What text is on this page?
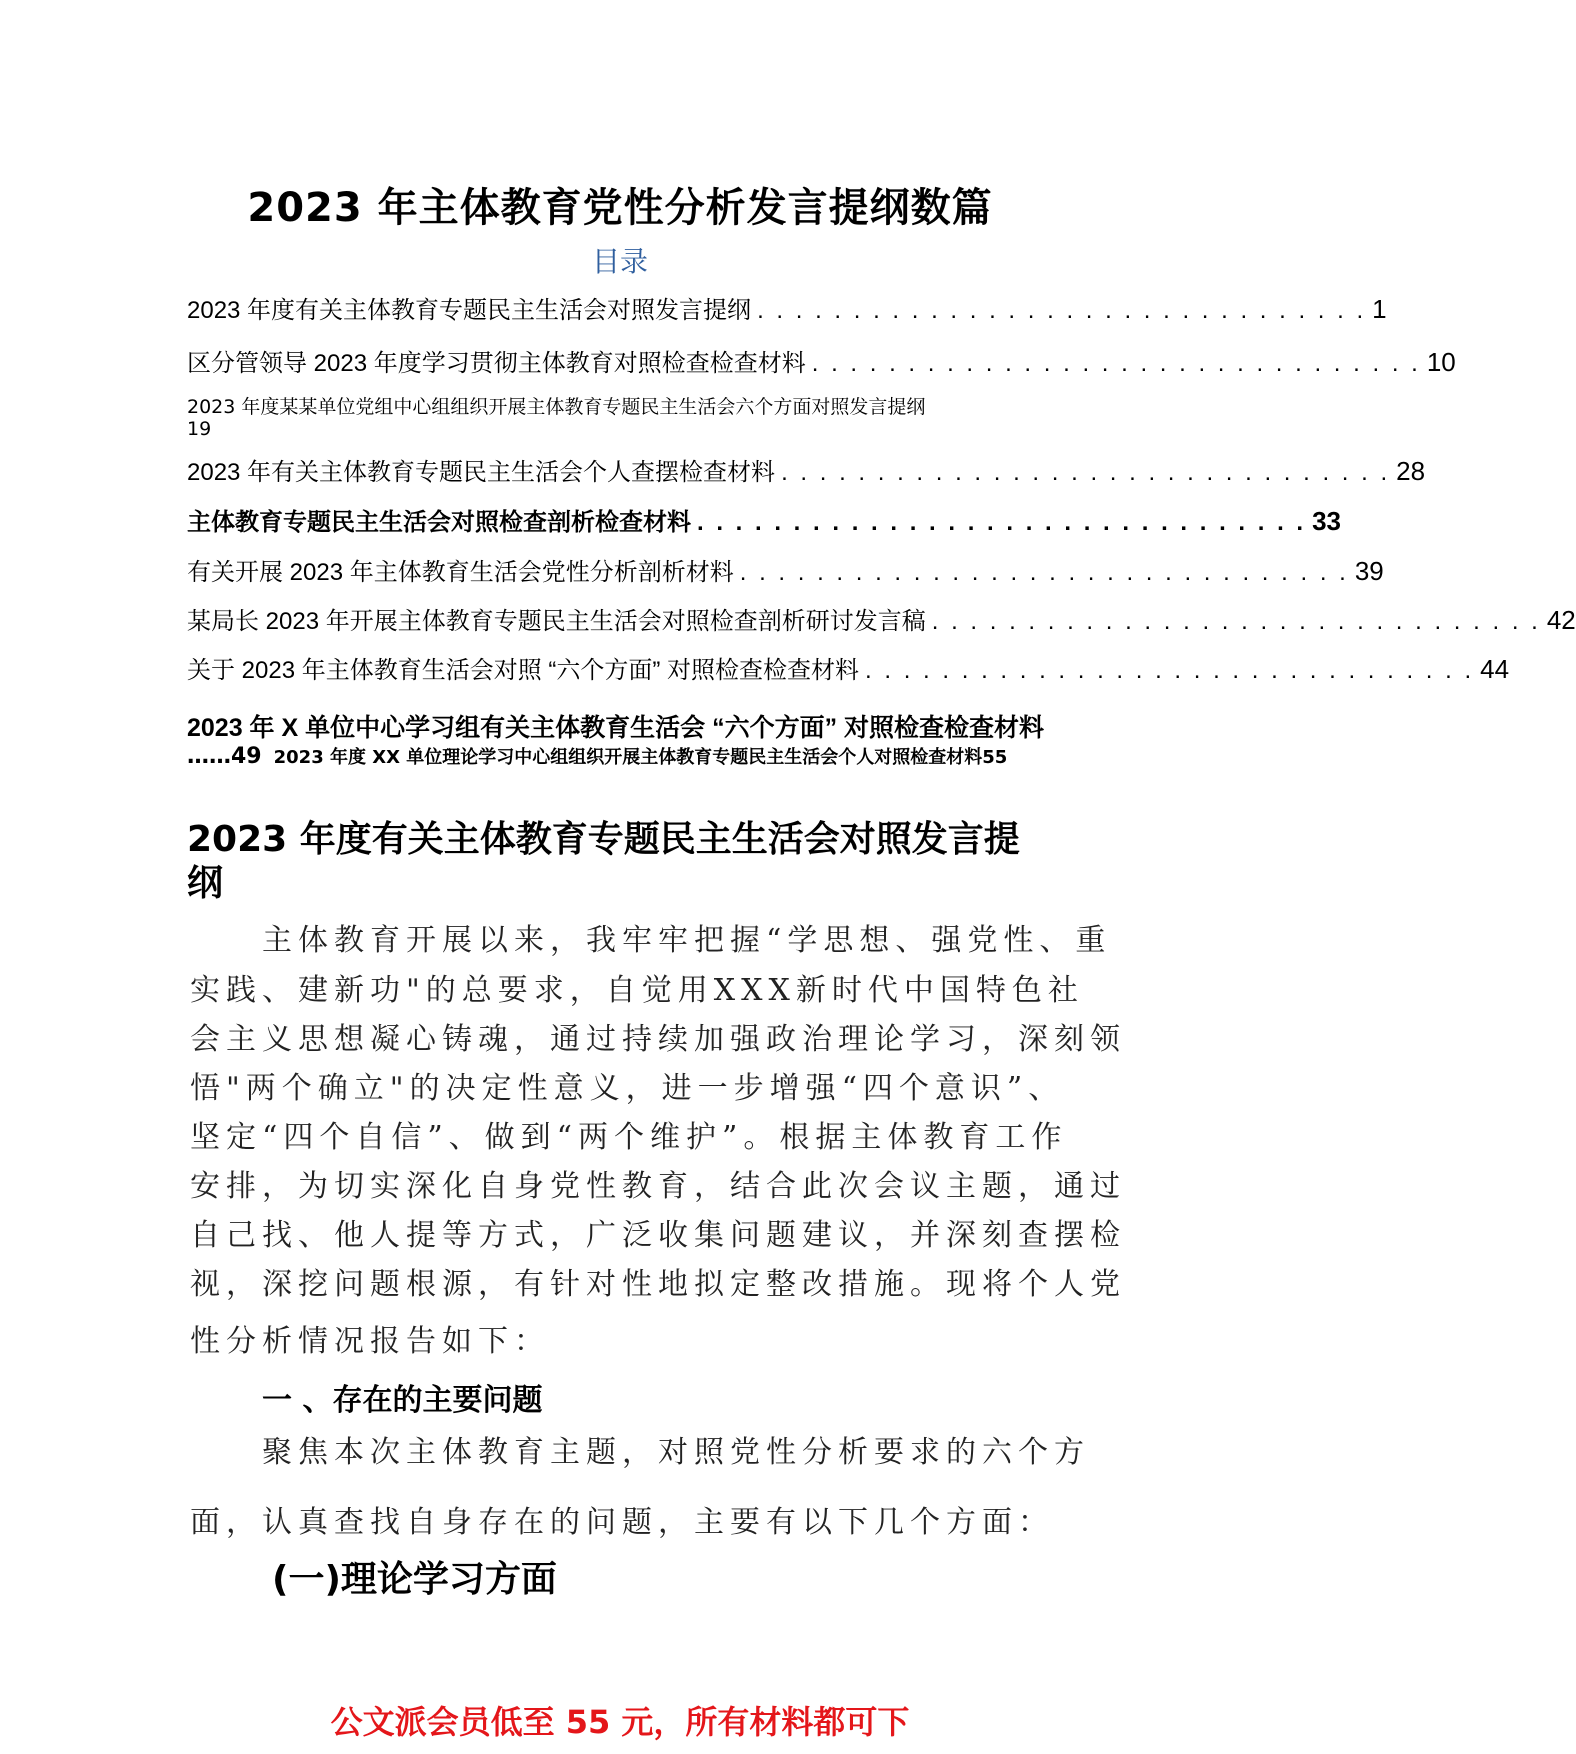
2023 年主体教育党性分析发言提纲数篇
目录
2023 年度有关主体教育专题民主生活会对照发言提纲 . . . . . . . . . . . . . . . . . . . . . . . . . . . . . . . . 1
区分管领导 2023 年度学习贯彻主体教育对照检查检查材料 . . . . . . . . . . . . . . . . . . . . . . . . . . . . . . . . 10
2023 年度某某单位党组中心组组织开展主体教育专题民主生活会六个方面对照发言提纲
19
2023 年有关主体教育专题民主生活会个人查摆检查材料 . . . . . . . . . . . . . . . . . . . . . . . . . . . . . . . . 28
主体教育专题民主生活会对照检查剖析检查材料 . . . . . . . . . . . . . . . . . . . . . . . . . . . . . . . . 33
有关开展 2023 年主体教育生活会党性分析剖析材料 . . . . . . . . . . . . . . . . . . . . . . . . . . . . . . . . 39
某局长 2023 年开展主体教育专题民主生活会对照检查剖析研讨发言稿 . . . . . . . . . . . . . . . . . . . . . . . . . . . . . . . . 42
关于 2023 年主体教育生活会对照 “六个方面” 对照检查检查材料 . . . . . . . . . . . . . . . . . . . . . . . . . . . . . . . . 44
2023 年 X 单位中心学习组有关主体教育生活会 “六个方面” 对照检查检查材料
……49 2023 年度 XX 单位理论学习中心组组织开展主体教育专题民主生活会个人对照检查材料55
2023 年度有关主体教育专题民主生活会对照发言提纲
主体教育开展以来，我牢牢把握“学思想、强党性、重
实践、建新功"的总要求，自觉用XXX新时代中国特色社
会主义思想凝心铸魂，通过持续加强政治理论学习，深刻领
悟"两个确立"的决定性意义，进一步增强“四个意识”、
坚定“四个自信”、做到“两个维护”。根据主体教育工作
安排，为切实深化自身党性教育，结合此次会议主题，通过
自己找、他人提等方式，广泛收集问题建议，并深刻查摆检
视，深挖问题根源，有针对性地拟定整改措施。现将个人党
性分析情况报告如下：
一 、存在的主要问题
聚焦本次主体教育主题，对照党性分析要求的六个方
面，认真查找自身存在的问题，主要有以下几个方面：
(一)理论学习方面
公文派会员低至 55 元，所有材料都可下
